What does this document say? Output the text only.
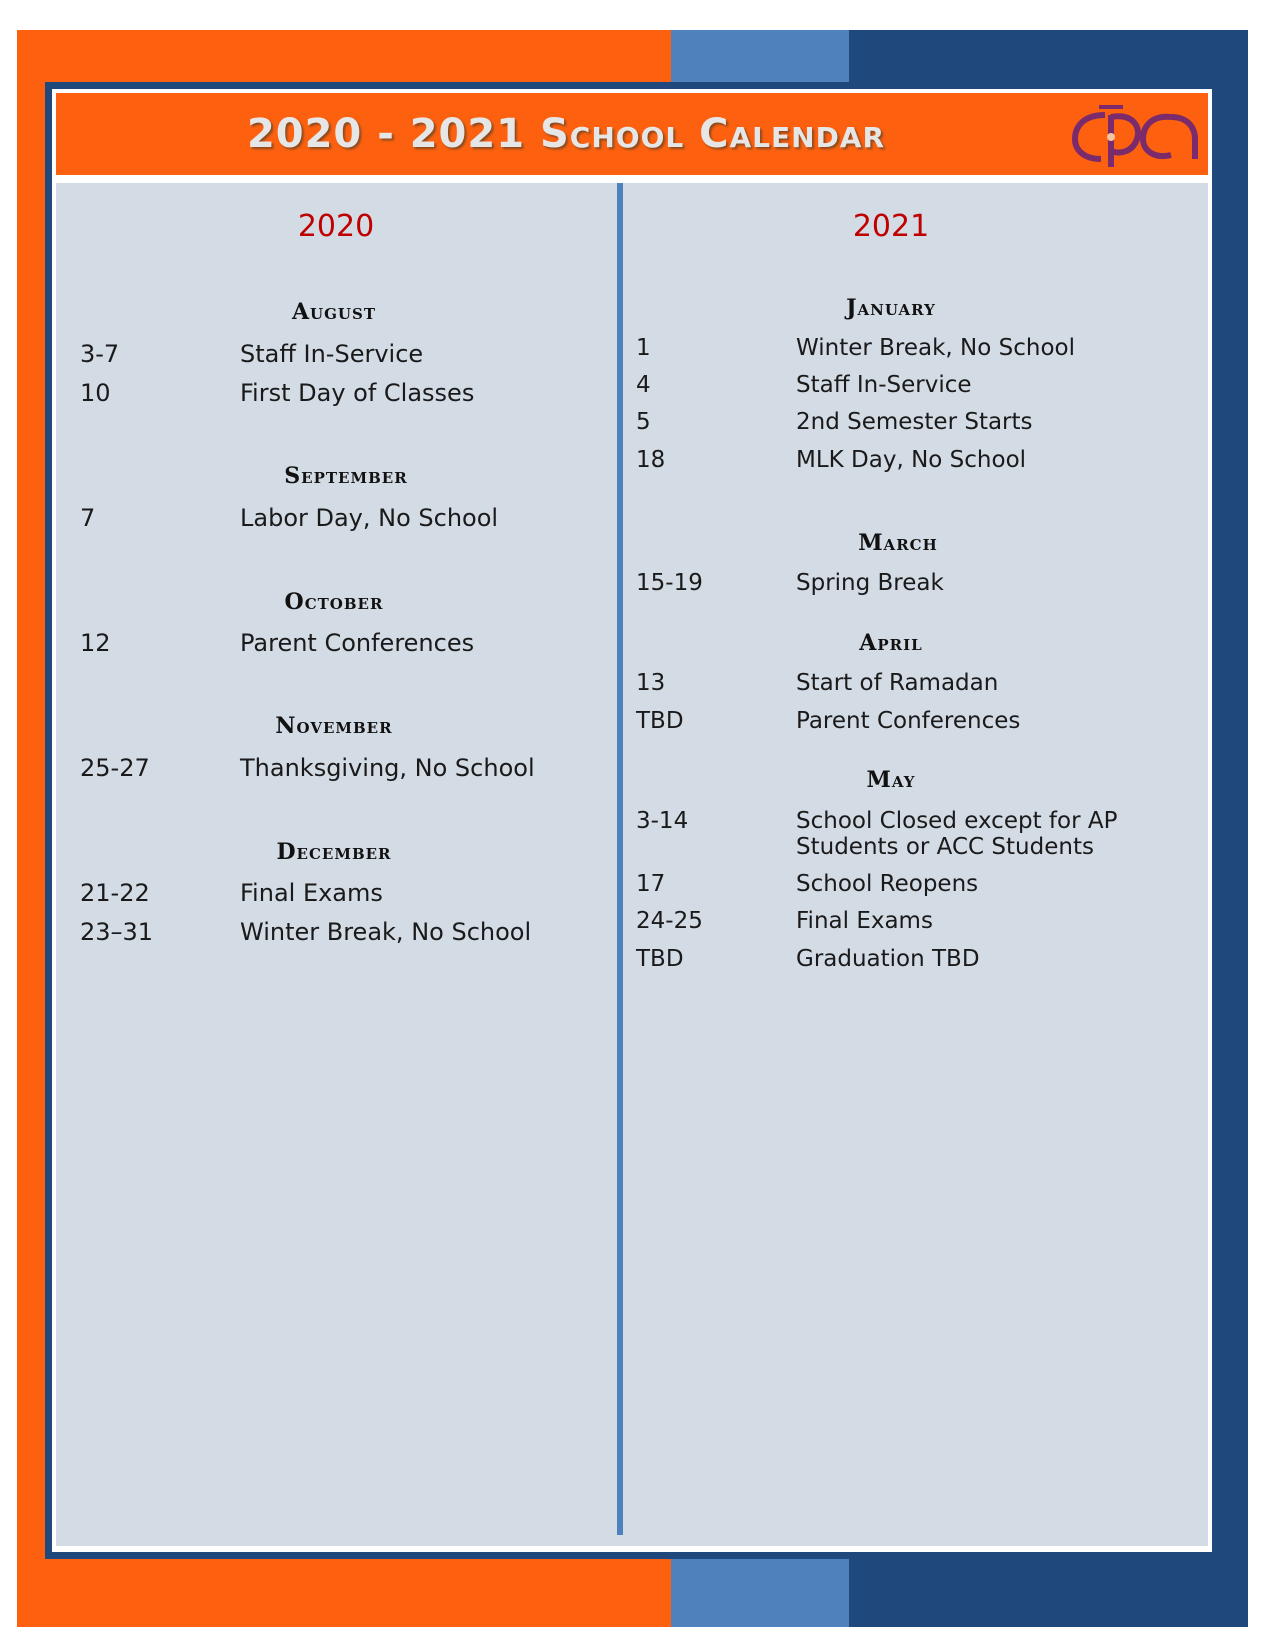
2020 - 2021 School Calendar
2020
August
3-7	Staff In-Service
10	First Day of Classes
September
7	Labor Day, No School
October
12	Parent Conferences
November
25-27	Thanksgiving, No School
December
21-22	Final Exams
23–31	Winter Break, No School
2021
January
1	Winter Break, No School
4	Staff In-Service
5	2nd Semester Starts
18	MLK Day, No School
March
15-19	Spring Break
April
13	Start of Ramadan
TBD	Parent Conferences
May
3-14	School Closed except for AP
Students or ACC Students
17	School Reopens
24-25	Final Exams
TBD	Graduation TBD
